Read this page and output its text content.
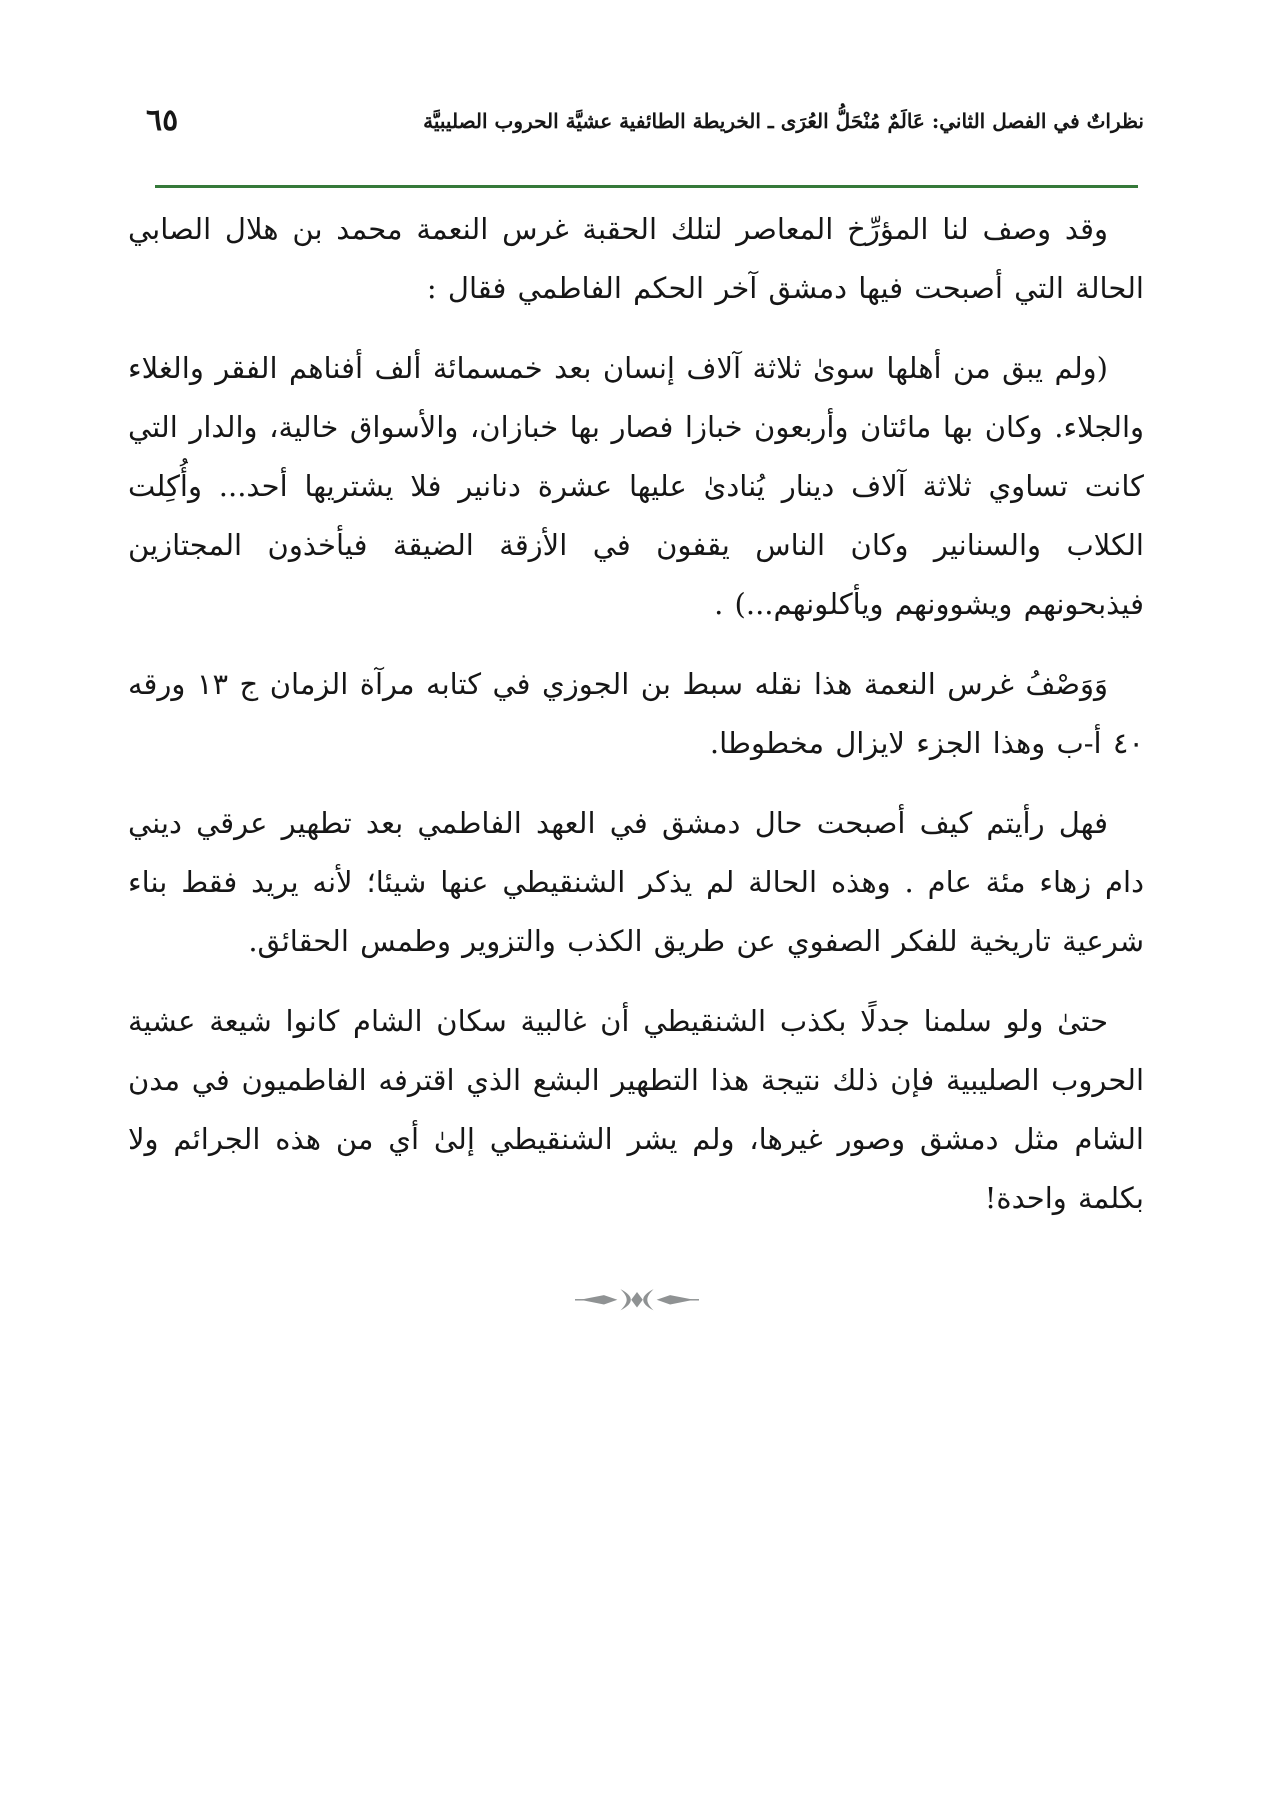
نظراتٌ في الفصل الثاني: عَالَمٌ مُنْحَلُّ العُرَى ـ الخريطة الطائفية عشيَّة الحروب الصليبيَّة
٦٥

وقد وصف لنا المؤرِّخ المعاصر لتلك الحقبة غرس النعمة محمد بن هلال الصابي الحالة التي أصبحت فيها دمشق آخر الحكم الفاطمي فقال :

(ولم يبق من أهلها سوىٰ ثلاثة آلاف إنسان بعد خمسمائة ألف أفناهم الفقر والغلاء والجلاء. وكان بها مائتان وأربعون خبازا فصار بها خبازان، والأسواق خالية، والدار التي كانت تساوي ثلاثة آلاف دينار يُنادىٰ عليها عشرة دنانير فلا يشتريها أحد... وأُكِلت الكلاب والسنانير وكان الناس يقفون في الأزقة الضيقة فيأخذون المجتازين فيذبحونهم ويشوونهم ويأكلونهم...) .

وَوَصْفُ غرس النعمة هذا نقله سبط بن الجوزي في كتابه مرآة الزمان ج ١٣ ورقه ٤٠ أ-ب وهذا الجزء لايزال مخطوطا.

فهل رأيتم كيف أصبحت حال دمشق في العهد الفاطمي بعد تطهير عرقي ديني دام زهاء مئة عام . وهذه الحالة لم يذكر الشنقيطي عنها شيئا؛ لأنه يريد فقط بناء شرعية تاريخية للفكر الصفوي عن طريق الكذب والتزوير وطمس الحقائق.

حتىٰ ولو سلمنا جدلًا بكذب الشنقيطي أن غالبية سكان الشام كانوا شيعة عشية الحروب الصليبية فإن ذلك نتيجة هذا التطهير البشع الذي اقترفه الفاطميون في مدن الشام مثل دمشق وصور غيرها، ولم يشر الشنقيطي إلىٰ أي من هذه الجرائم ولا بكلمة واحدة!
